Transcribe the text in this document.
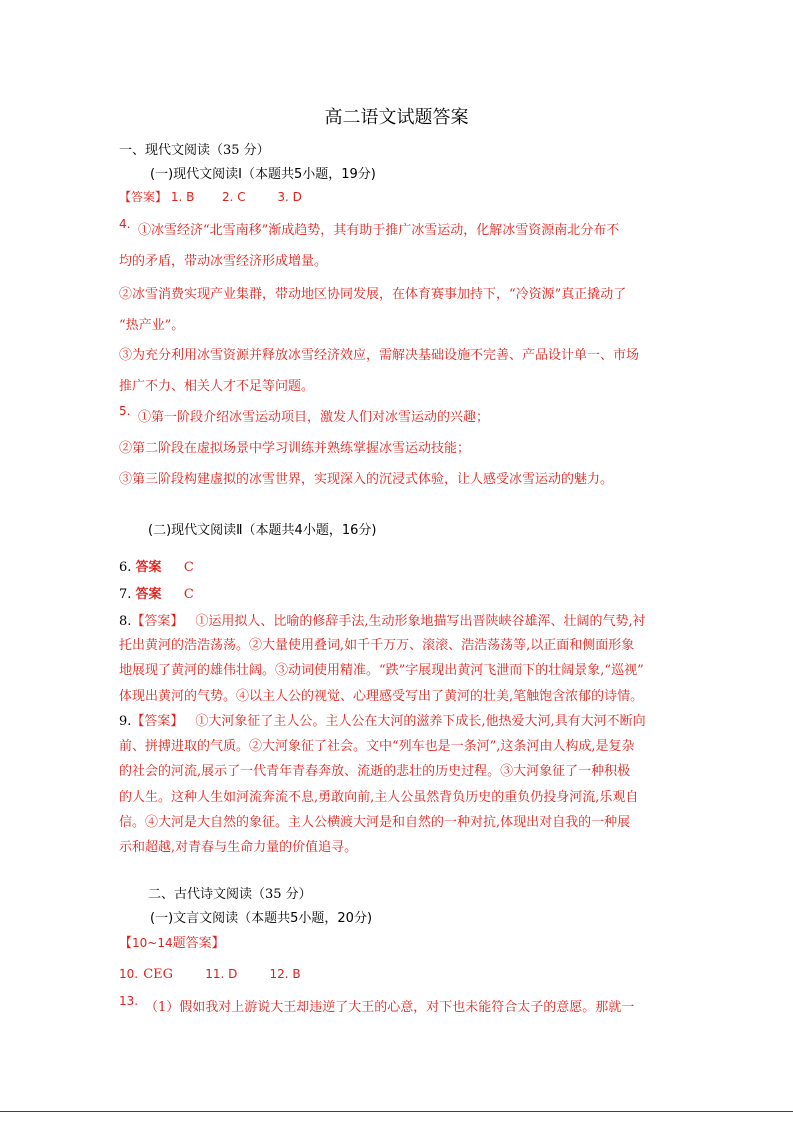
高二语文试题答案
一、现代文阅读（35 分）
(一)现代文阅读Ⅰ（本题共5小题，19分)
【答案】 1. B 2. C	3. D
4. ①冰雪经济“北雪南移”渐成趋势，其有助于推广冰雪运动，化解冰雪资源南北分布不
均的矛盾，带动冰雪经济形成增量。
②冰雪消费实现产业集群，带动地区协同发展，在体育赛事加持下，“冷资源”真正撬动了
“热产业”。
③为充分利用冰雪资源并释放冰雪经济效应，需解决基础设施不完善、产品设计单一、市场
推广不力、相关人才不足等问题。
5. ①第一阶段介绍冰雪运动项目，激发人们对冰雪运动的兴趣；
②第二阶段在虚拟场景中学习训练并熟练掌握冰雪运动技能；
③第三阶段构建虚拟的冰雪世界，实现深入的沉浸式体验，让人感受冰雪运动的魅力。
(二)现代文阅读Ⅱ（本题共4小题，16分)
6. 答案 C
7. 答案 C
8.【答案】 ①运用拟人、比喻的修辞手法,生动形象地描写出晋陕峡谷雄浑、壮阔的气势,衬
托出黄河的浩浩荡荡。②大量使用叠词,如千千万万、滚滚、浩浩荡荡等,以正面和侧面形象
地展现了黄河的雄伟壮阔。③动词使用精准。“跌”字展现出黄河飞泄而下的壮阔景象,“巡视”
体现出黄河的气势。④以主人公的视觉、心理感受写出了黄河的壮美,笔触饱含浓郁的诗情。
9.【答案】 ①大河象征了主人公。主人公在大河的滋养下成长,他热爱大河,具有大河不断向
前、拼搏进取的气质。②大河象征了社会。文中“列车也是一条河”,这条河由人构成,是复杂
的社会的河流,展示了一代青年青春奔放、流逝的悲壮的历史过程。③大河象征了一种积极
的人生。这种人生如河流奔流不息,勇敢向前,主人公虽然背负历史的重负仍投身河流,乐观自
信。④大河是大自然的象征。主人公横渡大河是和自然的一种对抗,体现出对自我的一种展
示和超越,对青春与生命力量的价值追寻。
二、古代诗文阅读（35 分）
(一)文言文阅读（本题共5小题，20分)
【10~14题答案】
10. CEG	11. D	12. B
13. （1）假如我对上游说大王却违逆了大王的心意，对下也未能符合太子的意愿。那就一
